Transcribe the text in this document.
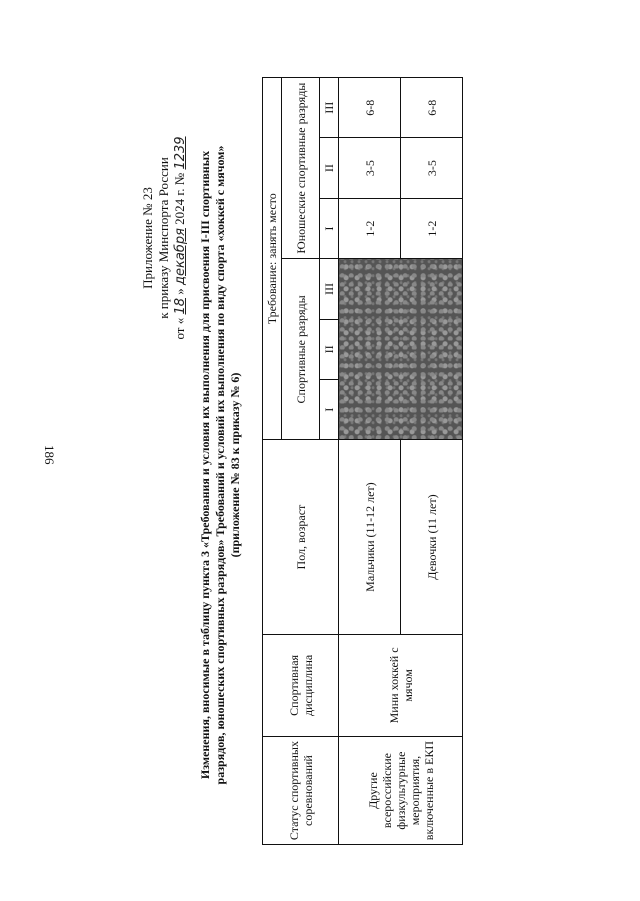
186
Приложение № 23 к приказу Минспорта России
от « 18 » декабря 2024 г. № 1239 Изменения, вносимые в таблицу пункта 3 «Требования и условия их выполнения для присвоения I-III спортивных разрядов, юношеских спортивных разрядов» Требований и условий их выполнения по виду спорта «хоккей с мячом» (приложение № 83 к приказу № 6)
Статус спортивных соревнований	Спортивная дисциплина	Пол, возраст	Требование: занять место					
			Спортивные разряды			Юношеские спортивные разряды		
			I	II	III	I	II	III
Другие всероссийские физкультурные мероприятия, включенные в ЕКП	Мини хоккей с мячом	Мальчики (11-12 лет)				1-2	3-5	6-8
		Девочки (11 лет)				1-2	3-5	6-8
